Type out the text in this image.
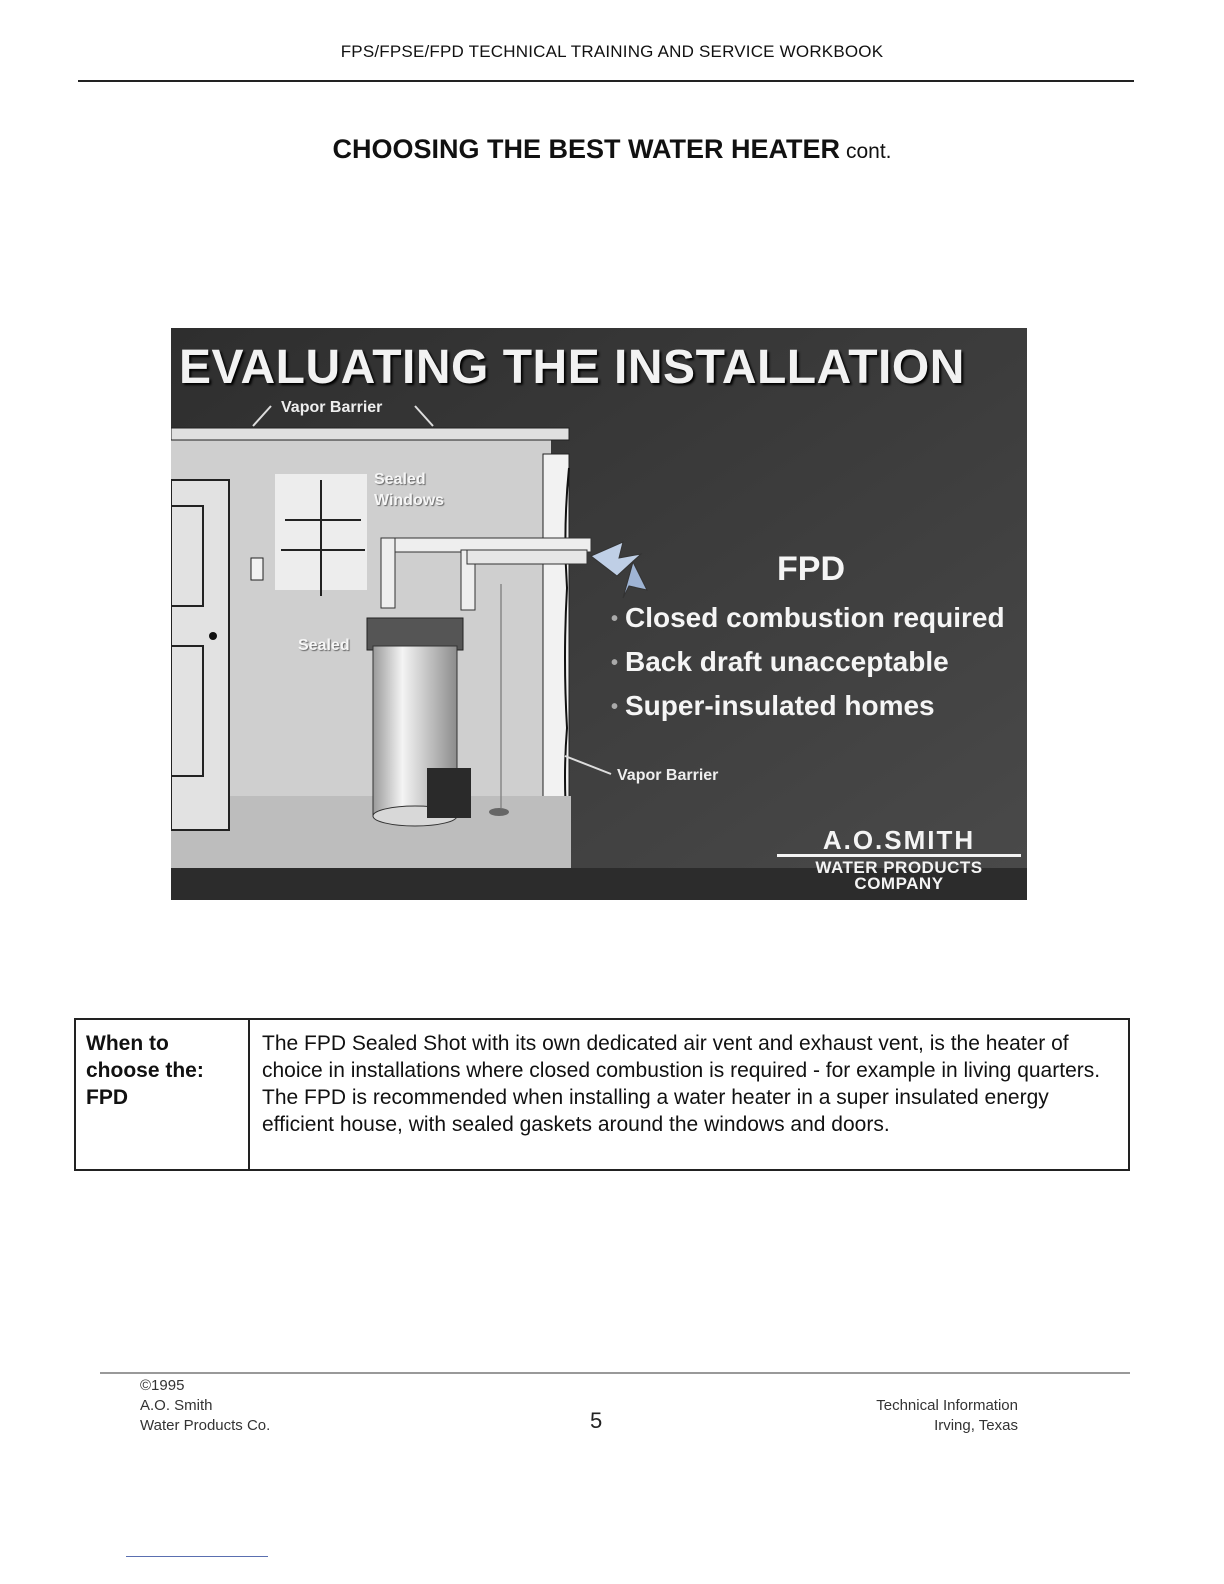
FPS/FPSE/FPD TECHNICAL TRAINING AND SERVICE WORKBOOK
CHOOSING THE BEST WATER HEATER cont.
EVALUATING THE INSTALLATION
Vapor Barrier
Sealed
Windows
Sealed
FPD
• Closed combustion required
• Back draft unacceptable
• Super-insulated homes
Vapor Barrier
A.O.SMITH
WATER PRODUCTS
COMPANY
When to
choose the:
FPD
The FPD Sealed Shot with its own dedicated air vent and exhaust vent, is the heater of choice in installations where closed combustion is required - for example in living quarters. The FPD is recommended when installing a water heater in a super insulated energy efficient house, with sealed gaskets around the windows and doors.
©1995
A.O. Smith
Water Products Co.	5
Technical Information
Irving, Texas
